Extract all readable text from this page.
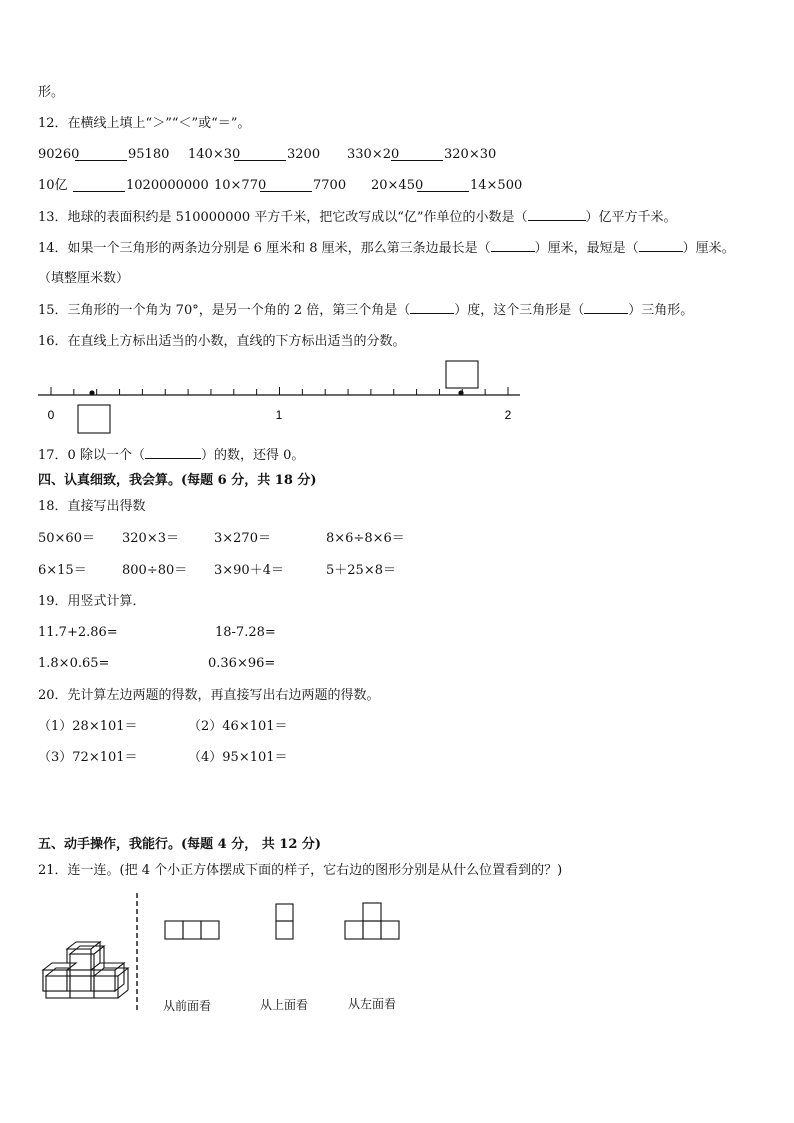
形。
12．在横线上填上“＞”“＜”或“＝”。
90260	95180 140×30	3200 330×20	320×30
10亿	1020000000 10×770	7700 20×450	14×500
13．地球的表面积约是 510000000 平方千米，把它改写成以“亿”作单位的小数是（	）亿平方千米。
14．如果一个三角形的两条边分别是 6 厘米和 8 厘米，那么第三条边最长是（	）厘米，最短是（	）厘米。
（填整厘米数）
15．三角形的一个角为 70°，是另一个角的 2 倍，第三个角是（	）度，这个三角形是（	）三角形。
16．在直线上方标出适当的小数，直线的下方标出适当的分数。
0	1	2
17．0 除以一个（	）的数，还得 0。
四、认真细致，我会算。(每题 6 分，共 18 分)
18．直接写出得数
50×60＝ 320×3＝	3×270＝	8×6÷8×6＝
6×15＝	800÷80＝ 3×90＋4＝	5＋25×8＝
19．用竖式计算．
11.7+2.86=	18-7.28=
1.8×0.65=	0.36×96=
20．先计算左边两题的得数，再直接写出右边两题的得数。
（1）28×101＝	（2）46×101＝
（3）72×101＝	（4）95×101＝
五、动手操作，我能行。(每题 4 分， 共 12 分)
21．连一连。(把 4 个小正方体摆成下面的样子，它右边的图形分别是从什么位置看到的？)
从前面看	从上面看	从左面看
